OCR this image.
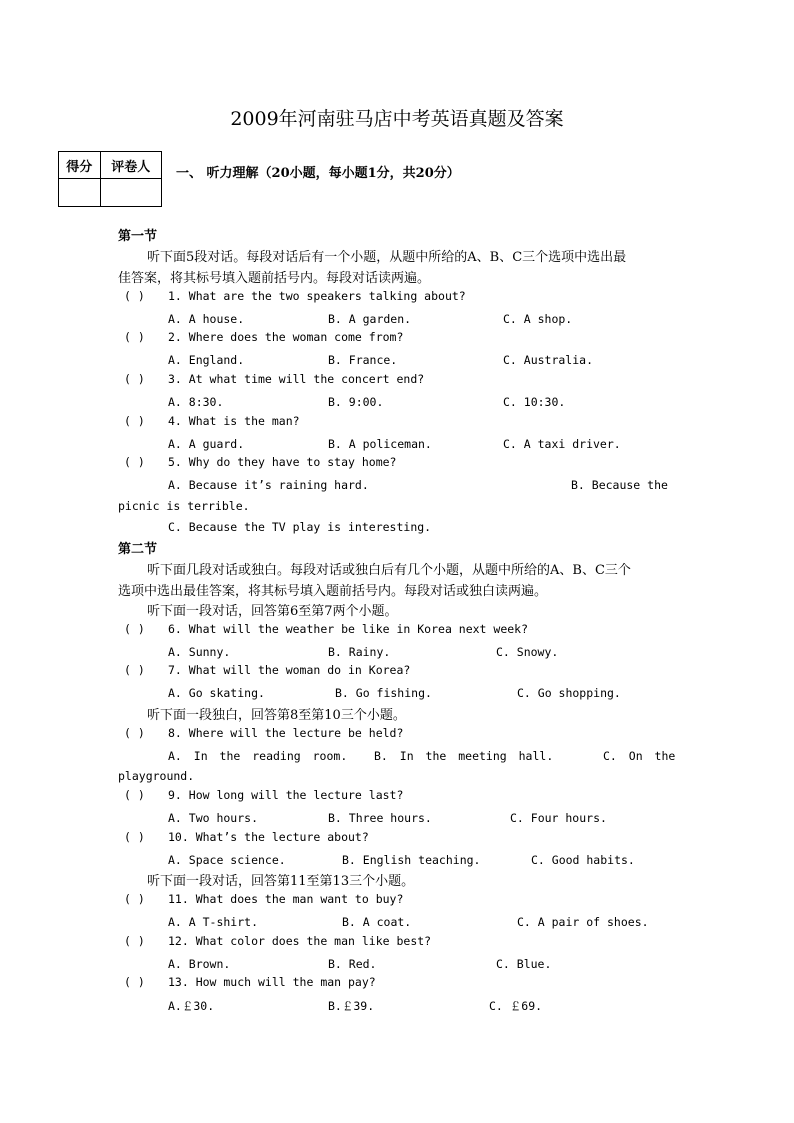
2009年河南驻马店中考英语真题及答案
得分	评卷人
	一、 听力理解（20小题，每小题1分，共20分）
第一节
听下面5段对话。每段对话后有一个小题，从题中所给的A、B、C三个选项中选出最
佳答案，将其标号填入题前括号内。每段对话读两遍。
( ) 1. What are the two speakers talking about?
A. A house.	B. A garden.	C. A shop.
( ) 2. Where does the woman come from?
A. England.	B. France.	C. Australia.
( ) 3. At what time will the concert end?
A. 8:30.	B. 9:00.	C. 10:30.
( ) 4. What is the man?
A. A guard.	B. A policeman.	C. A taxi driver.
( ) 5. Why do they have to stay home?
A. Because it’s raining hard.	B. Because the
picnic is terrible.
C. Because the TV play is interesting.
第二节
听下面几段对话或独白。每段对话或独白后有几个小题，从题中所给的A、B、C三个
选项中选出最佳答案，将其标号填入题前括号内。每段对话或独白读两遍。
听下面一段对话，回答第6至第7两个小题。
( ) 6. What will the weather be like in Korea next week?
A. Sunny.	B. Rainy.	C. Snowy.
( ) 7. What will the woman do in Korea?
A. Go skating.	B. Go fishing.	C. Go shopping.
听下面一段独白，回答第8至第10三个小题。
( ) 8. Where will the lecture be held?
A. In the reading room. B. In the meeting hall.	C. On the
playground.
( ) 9. How long will the lecture last?
A. Two hours.	B. Three hours.	C. Four hours.
( ) 10. What’s the lecture about?
A. Space science.	B. English teaching.	C. Good habits.
听下面一段对话，回答第11至第13三个小题。
( ) 11. What does the man want to buy?
A. A T-shirt.	B. A coat.	C. A pair of shoes.
( ) 12. What color does the man like best?
A. Brown.	B. Red.	C. Blue.
( ) 13. How much will the man pay?
A.￡30.	B.￡39.	C. ￡69.
